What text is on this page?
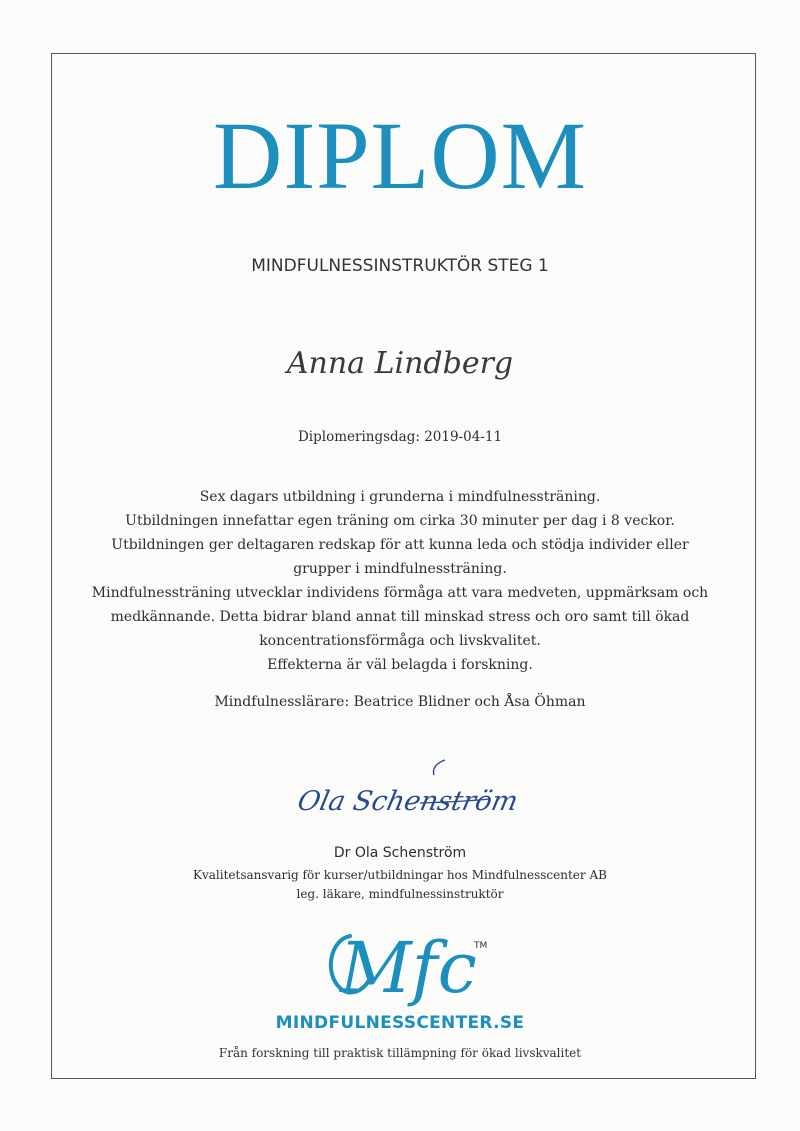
DIPLOM
MINDFULNESSINSTRUKTÖR STEG 1
Anna Lindberg
Diplomeringsdag: 2019-04-11

Sex dagars utbildning i grunderna i mindfulnessträning.

Utbildningen innefattar egen träning om cirka 30 minuter per dag i 8 veckor.

Utbildningen ger deltagaren redskap för att kunna leda och stödja individer eller

grupper i mindfulnessträning.

Mindfulnessträning utvecklar individens förmåga att vara medveten, uppmärksam och

medkännande. Detta bidrar bland annat till minskad stress och oro samt till ökad

koncentrationsförmåga och livskvalitet.

Effekterna är väl belagda i forskning.

Mindfulnesslärare: Beatrice Blidner och Åsa Öhman
Ola Schenström
Dr Ola Schenström
Kvalitetsansvarig för kurser/utbildningar hos Mindfulnesscenter AB
leg. läkare, mindfulnessinstruktör
Mfc
TM
MINDFULNESSCENTER.SE
Från forskning till praktisk tillämpning för ökad livskvalitet
